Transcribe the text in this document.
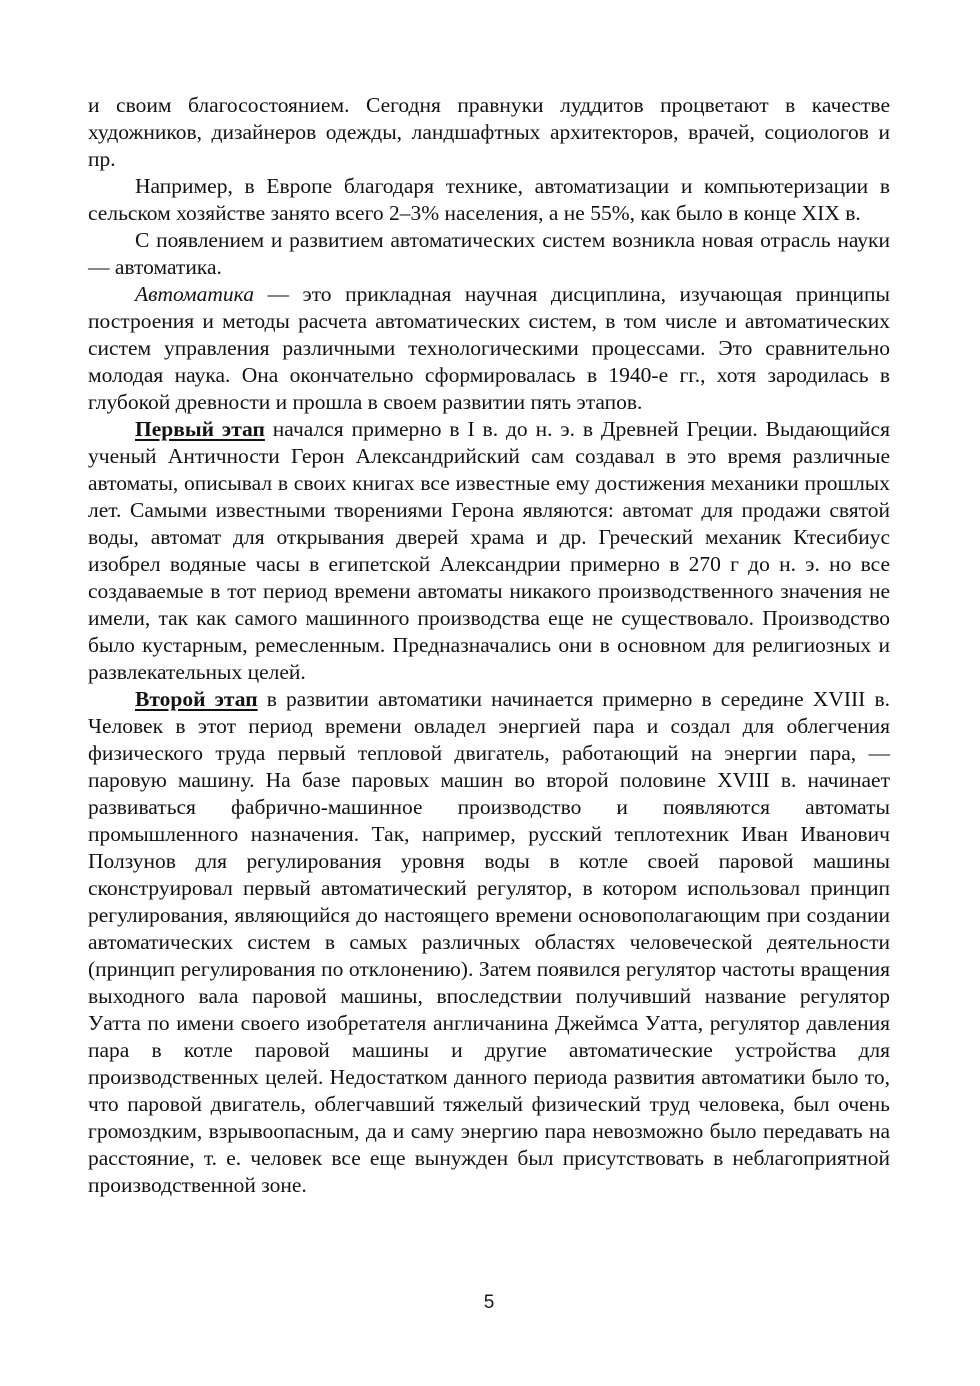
и своим благосостоянием. Сегодня правнуки луддитов процветают в качестве художников, дизайнеров одежды, ландшафтных архитекторов, врачей, социологов и пр.

Например, в Европе благодаря технике, автоматизации и компьютеризации в сельском хозяйстве занято всего 2–3% населения, а не 55%, как было в конце XIX в.

С появлением и развитием автоматических систем возникла новая отрасль науки — автоматика.

Автоматика — это прикладная научная дисциплина, изучающая принципы построения и методы расчета автоматических систем, в том числе и автоматических систем управления различными технологическими процессами. Это сравнительно молодая наука. Она окончательно сформировалась в 1940-е гг., хотя зародилась в глубокой древности и прошла в своем развитии пять этапов.

Первый этап начался примерно в I в. до н. э. в Древней Греции. Выдающийся ученый Античности Герон Александрийский сам создавал в это время различные автоматы, описывал в своих книгах все известные ему достижения механики прошлых лет. Самыми известными творениями Герона являются: автомат для продажи святой воды, автомат для открывания дверей храма и др. Греческий механик Ктесибиус изобрел водяные часы в египетской Александрии примерно в 270 г до н. э. но все создаваемые в тот период времени автоматы никакого производственного значения не имели, так как самого машинного производства еще не существовало. Производство было кустарным, ремесленным. Предназначались они в основном для религиозных и развлекательных целей.

Второй этап в развитии автоматики начинается примерно в середине XVIII в. Человек в этот период времени овладел энергией пара и создал для облегчения физического труда первый тепловой двигатель, работающий на энергии пара, — паровую машину. На базе паровых машин во второй половине XVIII в. начинает развиваться фабрично-машинное производство и появляются автоматы промышленного назначения. Так, например, русский теплотехник Иван Иванович Ползунов для регулирования уровня воды в котле своей паровой машины сконструировал первый автоматический регулятор, в котором использовал принцип регулирования, являющийся до настоящего времени основополагающим при создании автоматических систем в самых различных областях человеческой деятельности (принцип регулирования по отклонению). Затем появился регулятор частоты вращения выходного вала паровой машины, впоследствии получивший название регулятор Уатта по имени своего изобретателя англичанина Джеймса Уатта, регулятор давления пара в котле паровой машины и другие автоматические устройства для производственных целей. Недостатком данного периода развития автоматики было то, что паровой двигатель, облегчавший тяжелый физический труд человека, был очень громоздким, взрывоопасным, да и саму энергию пара невозможно было передавать на расстояние, т. е. человек все еще вынужден был присутствовать в неблагоприятной производственной зоне.

5
